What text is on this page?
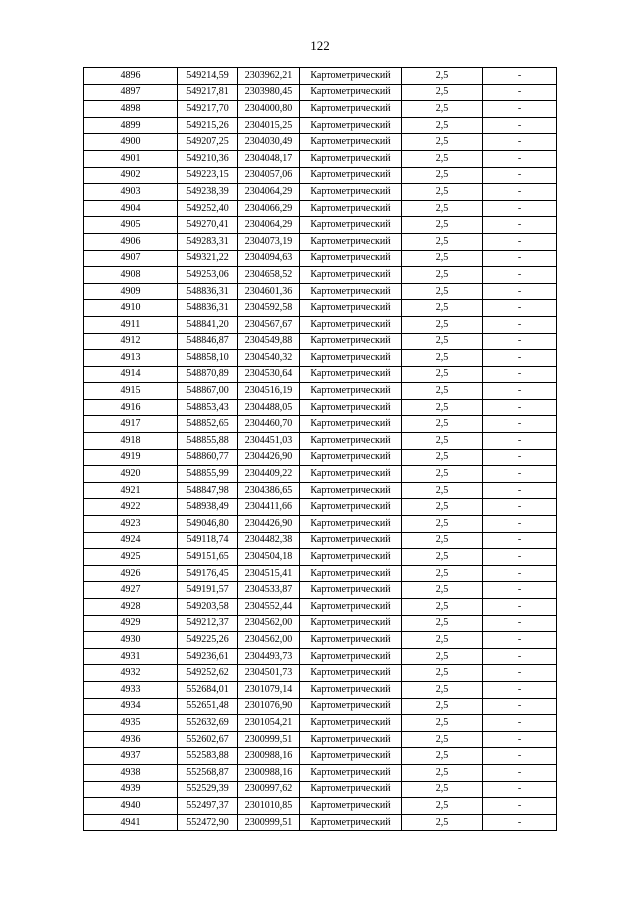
122
4896	549214,59	2303962,21	Картометрический	2,5	-
4897	549217,81	2303980,45	Картометрический	2,5	-
4898	549217,70	2304000,80	Картометрический	2,5	-
4899	549215,26	2304015,25	Картометрический	2,5	-
4900	549207,25	2304030,49	Картометрический	2,5	-
4901	549210,36	2304048,17	Картометрический	2,5	-
4902	549223,15	2304057,06	Картометрический	2,5	-
4903	549238,39	2304064,29	Картометрический	2,5	-
4904	549252,40	2304066,29	Картометрический	2,5	-
4905	549270,41	2304064,29	Картометрический	2,5	-
4906	549283,31	2304073,19	Картометрический	2,5	-
4907	549321,22	2304094,63	Картометрический	2,5	-
4908	549253,06	2304658,52	Картометрический	2,5	-
4909	548836,31	2304601,36	Картометрический	2,5	-
4910	548836,31	2304592,58	Картометрический	2,5	-
4911	548841,20	2304567,67	Картометрический	2,5	-
4912	548846,87	2304549,88	Картометрический	2,5	-
4913	548858,10	2304540,32	Картометрический	2,5	-
4914	548870,89	2304530,64	Картометрический	2,5	-
4915	548867,00	2304516,19	Картометрический	2,5	-
4916	548853,43	2304488,05	Картометрический	2,5	-
4917	548852,65	2304460,70	Картометрический	2,5	-
4918	548855,88	2304451,03	Картометрический	2,5	-
4919	548860,77	2304426,90	Картометрический	2,5	-
4920	548855,99	2304409,22	Картометрический	2,5	-
4921	548847,98	2304386,65	Картометрический	2,5	-
4922	548938,49	2304411,66	Картометрический	2,5	-
4923	549046,80	2304426,90	Картометрический	2,5	-
4924	549118,74	2304482,38	Картометрический	2,5	-
4925	549151,65	2304504,18	Картометрический	2,5	-
4926	549176,45	2304515,41	Картометрический	2,5	-
4927	549191,57	2304533,87	Картометрический	2,5	-
4928	549203,58	2304552,44	Картометрический	2,5	-
4929	549212,37	2304562,00	Картометрический	2,5	-
4930	549225,26	2304562,00	Картометрический	2,5	-
4931	549236,61	2304493,73	Картометрический	2,5	-
4932	549252,62	2304501,73	Картометрический	2,5	-
4933	552684,01	2301079,14	Картометрический	2,5	-
4934	552651,48	2301076,90	Картометрический	2,5	-
4935	552632,69	2301054,21	Картометрический	2,5	-
4936	552602,67	2300999,51	Картометрический	2,5	-
4937	552583,88	2300988,16	Картометрический	2,5	-
4938	552568,87	2300988,16	Картометрический	2,5	-
4939	552529,39	2300997,62	Картометрический	2,5	-
4940	552497,37	2301010,85	Картометрический	2,5	-
4941	552472,90	2300999,51	Картометрический	2,5	-
